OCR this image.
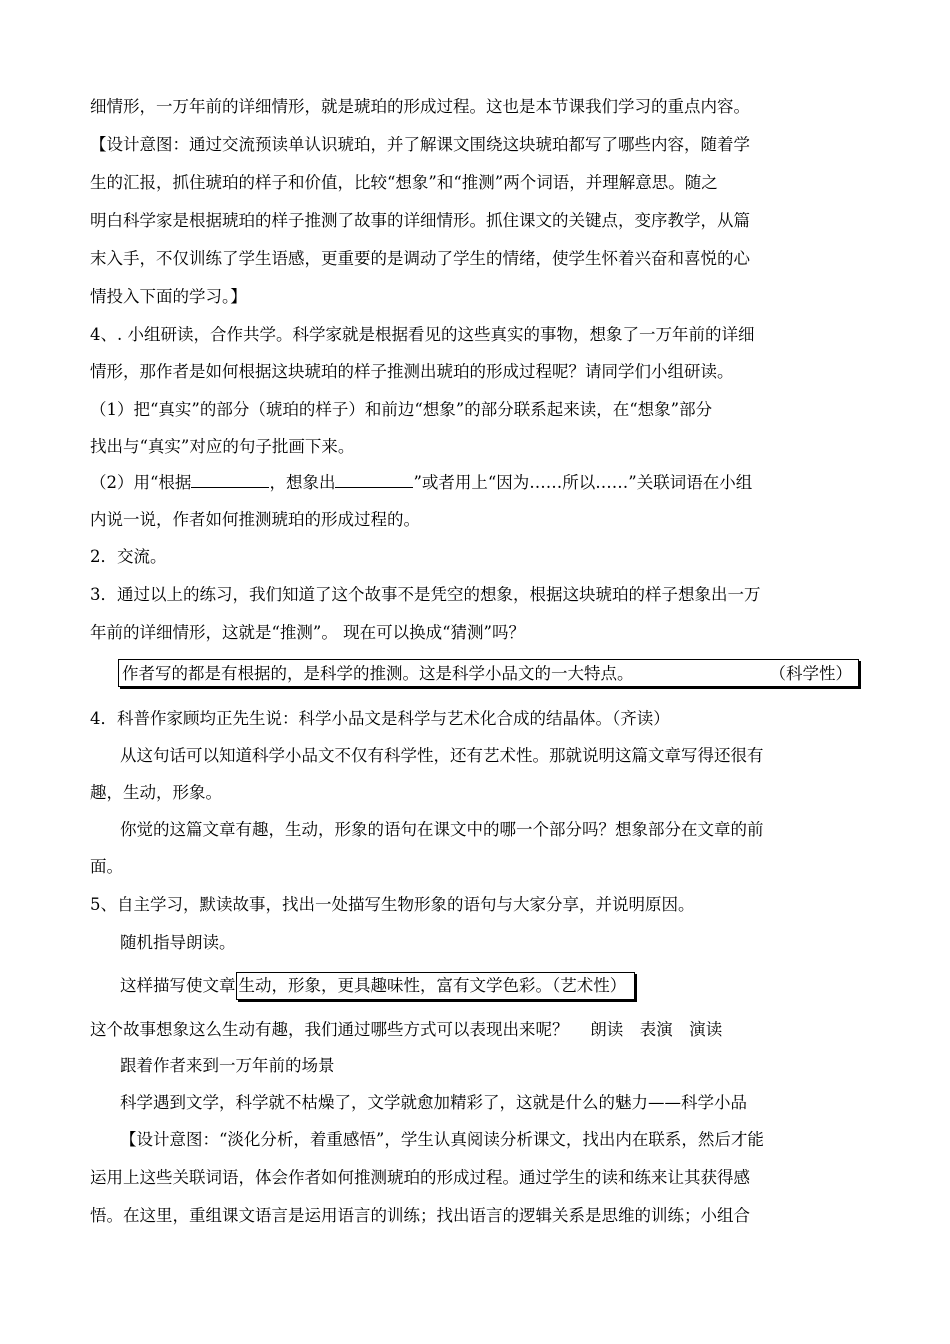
细情形，一万年前的详细情形，就是琥珀的形成过程。这也是本节课我们学习的重点内容。
【设计意图：通过交流预读单认识琥珀，并了解课文围绕这块琥珀都写了哪些内容，随着学
生的汇报，抓住琥珀的样子和价值，比较“想象”和“推测”两个词语，并理解意思。随之
明白科学家是根据琥珀的样子推测了故事的详细情形。抓住课文的关键点，变序教学，从篇
末入手，不仅训练了学生语感，更重要的是调动了学生的情绪，使学生怀着兴奋和喜悦的心
情投入下面的学习。】
4、. 小组研读，合作共学。科学家就是根据看见的这些真实的事物，想象了一万年前的详细
情形，那作者是如何根据这块琥珀的样子推测出琥珀的形成过程呢？请同学们小组研读。
（1）把“真实”的部分（琥珀的样子）和前边“想象”的部分联系起来读，在“想象”部分
找出与“真实”对应的句子批画下来。
（2）用“根据	，想象出	”或者用上“因为……所以……”关联词语在小组
内说一说，作者如何推测琥珀的形成过程的。
2．交流。
3．通过以上的练习，我们知道了这个故事不是凭空的想象，根据这块琥珀的样子想象出一万
年前的详细情形，这就是“推测”。 现在可以换成“猜测”吗？
作者写的都是有根据的，是科学的推测。这是科学小品文的一大特点。	（科学性）
4．科普作家顾均正先生说：科学小品文是科学与艺术化合成的结晶体。（齐读）
从这句话可以知道科学小品文不仅有科学性，还有艺术性。那就说明这篇文章写得还很有
趣，生动，形象。
你觉的这篇文章有趣，生动，形象的语句在课文中的哪一个部分吗？想象部分在文章的前
面。
5、自主学习，默读故事，找出一处描写生物形象的语句与大家分享，并说明原因。
随机指导朗读。
这样描写使文章 生动，形象，更具趣味性，富有文学色彩。（艺术性）
这个故事想象这么生动有趣，我们通过哪些方式可以表现出来呢？　 朗读　表演　演读
跟着作者来到一万年前的场景
科学遇到文学，科学就不枯燥了，文学就愈加精彩了，这就是什么的魅力——科学小品
【设计意图：“淡化分析，着重感悟”，学生认真阅读分析课文，找出内在联系，然后才能
运用上这些关联词语，体会作者如何推测琥珀的形成过程。通过学生的读和练来让其获得感
悟。在这里，重组课文语言是运用语言的训练；找出语言的逻辑关系是思维的训练；小组合
